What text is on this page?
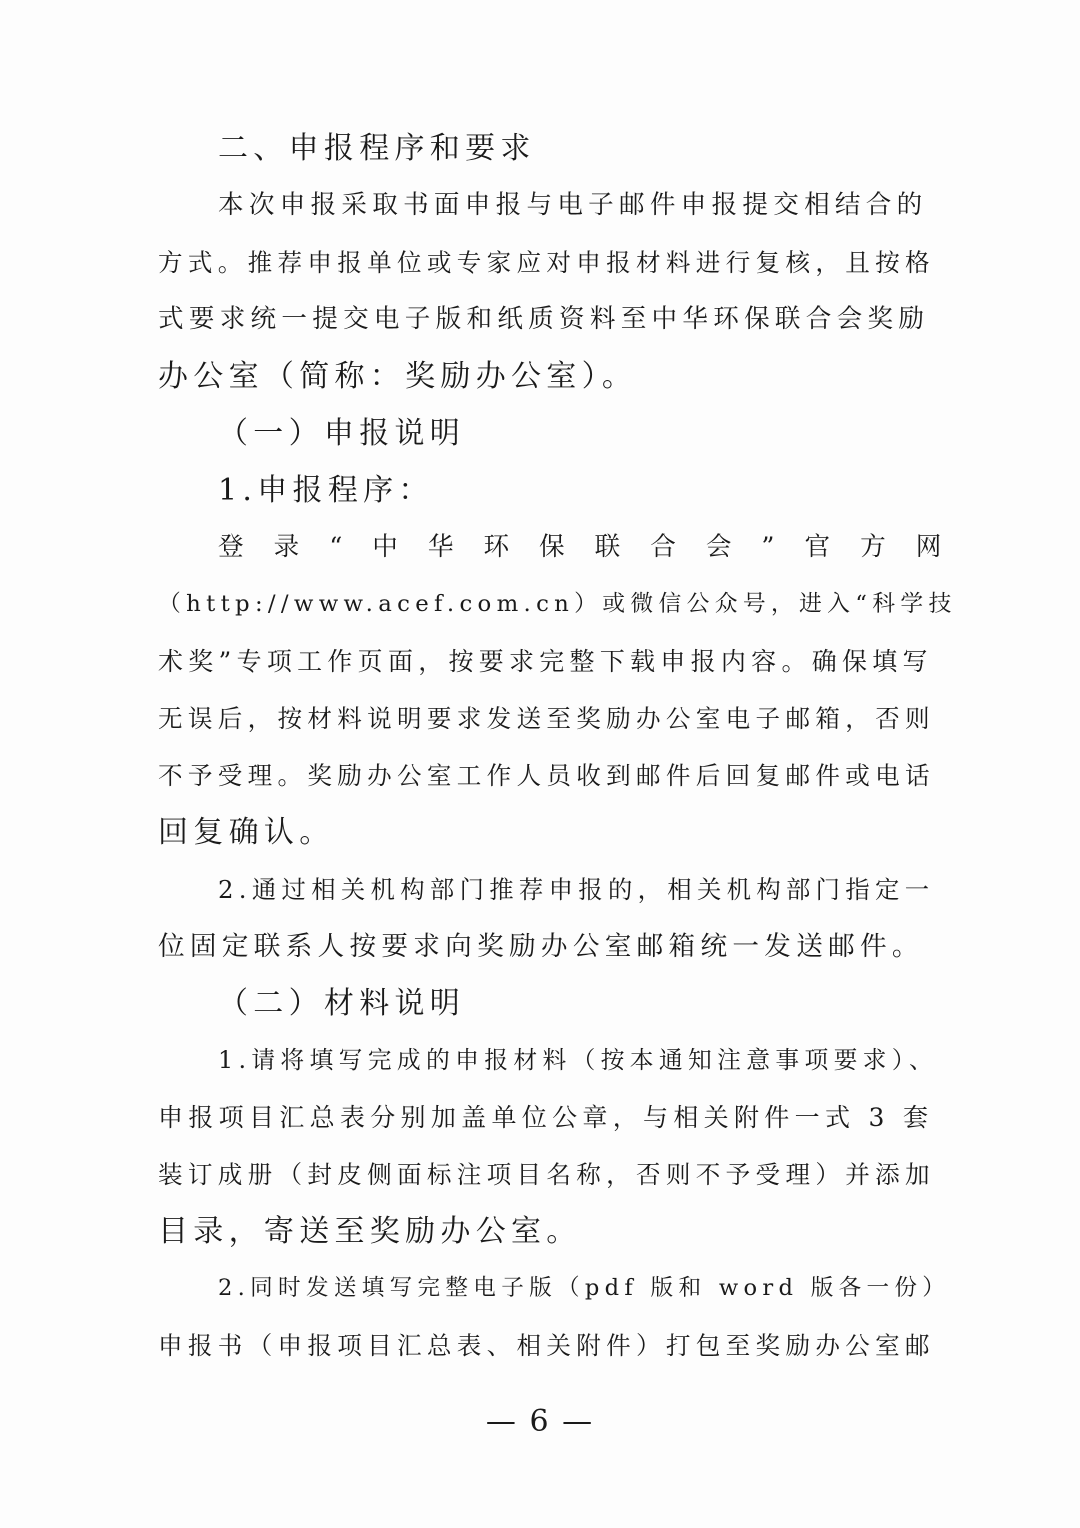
二、申报程序和要求
本次申报采取书面申报与电子邮件申报提交相结合的
方式。推荐申报单位或专家应对申报材料进行复核，且按格
式要求统一提交电子版和纸质资料至中华环保联合会奖励
办公室（简称：奖励办公室）。
（一）申报说明
1.申报程序：
登录“中华环保联合会”官方网
（http://www.acef.com.cn）或微信公众号，进入“科学技
术奖”专项工作页面，按要求完整下载申报内容。确保填写
无误后，按材料说明要求发送至奖励办公室电子邮箱，否则
不予受理。奖励办公室工作人员收到邮件后回复邮件或电话
回复确认。
2.通过相关机构部门推荐申报的，相关机构部门指定一
位固定联系人按要求向奖励办公室邮箱统一发送邮件。
（二）材料说明
1.请将填写完成的申报材料（按本通知注意事项要求）、
申报项目汇总表分别加盖单位公章，与相关附件一式 3 套
装订成册（封皮侧面标注项目名称，否则不予受理）并添加
目录，寄送至奖励办公室。
2.同时发送填写完整电子版（pdf 版和 word 版各一份）
申报书（申报项目汇总表、相关附件）打包至奖励办公室邮
— 6 —
